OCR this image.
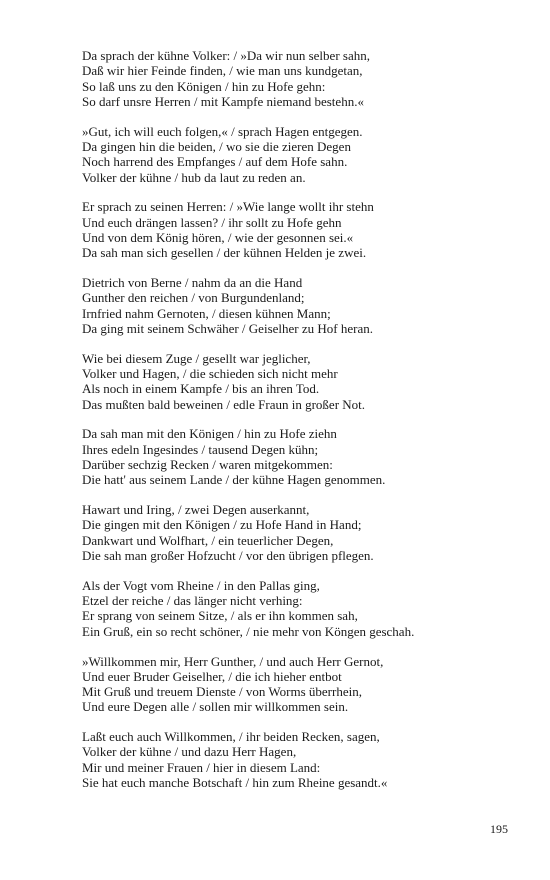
Da sprach der kühne Volker: / »Da wir nun selber sahn,
Daß wir hier Feinde finden, / wie man uns kundgetan,
So laß uns zu den Königen / hin zu Hofe gehn:
So darf unsre Herren / mit Kampfe niemand bestehn.«
»Gut, ich will euch folgen,« / sprach Hagen entgegen.
Da gingen hin die beiden, / wo sie die zieren Degen
Noch harrend des Empfanges / auf dem Hofe sahn.
Volker der kühne / hub da laut zu reden an.
Er sprach zu seinen Herren: / »Wie lange wollt ihr stehn
Und euch drängen lassen? / ihr sollt zu Hofe gehn
Und von dem König hören, / wie der gesonnen sei.«
Da sah man sich gesellen / der kühnen Helden je zwei.
Dietrich von Berne / nahm da an die Hand
Gunther den reichen / von Burgundenland;
Irnfried nahm Gernoten, / diesen kühnen Mann;
Da ging mit seinem Schwäher / Geiselher zu Hof heran.
Wie bei diesem Zuge / gesellt war jeglicher,
Volker und Hagen, / die schieden sich nicht mehr
Als noch in einem Kampfe / bis an ihren Tod.
Das mußten bald beweinen / edle Fraun in großer Not.
Da sah man mit den Königen / hin zu Hofe ziehn
Ihres edeln Ingesindes / tausend Degen kühn;
Darüber sechzig Recken / waren mitgekommen:
Die hatt' aus seinem Lande / der kühne Hagen genommen.
Hawart und Iring, / zwei Degen auserkannt,
Die gingen mit den Königen / zu Hofe Hand in Hand;
Dankwart und Wolfhart, / ein teuerlicher Degen,
Die sah man großer Hofzucht / vor den übrigen pflegen.
Als der Vogt vom Rheine / in den Pallas ging,
Etzel der reiche / das länger nicht verhing:
Er sprang von seinem Sitze, / als er ihn kommen sah,
Ein Gruß, ein so recht schöner, / nie mehr von Köngen geschah.
»Willkommen mir, Herr Gunther, / und auch Herr Gernot,
Und euer Bruder Geiselher, / die ich hieher entbot
Mit Gruß und treuem Dienste / von Worms überrhein,
Und eure Degen alle / sollen mir willkommen sein.
Laßt euch auch Willkommen, / ihr beiden Recken, sagen,
Volker der kühne / und dazu Herr Hagen,
Mir und meiner Frauen / hier in diesem Land:
Sie hat euch manche Botschaft / hin zum Rheine gesandt.«
195
